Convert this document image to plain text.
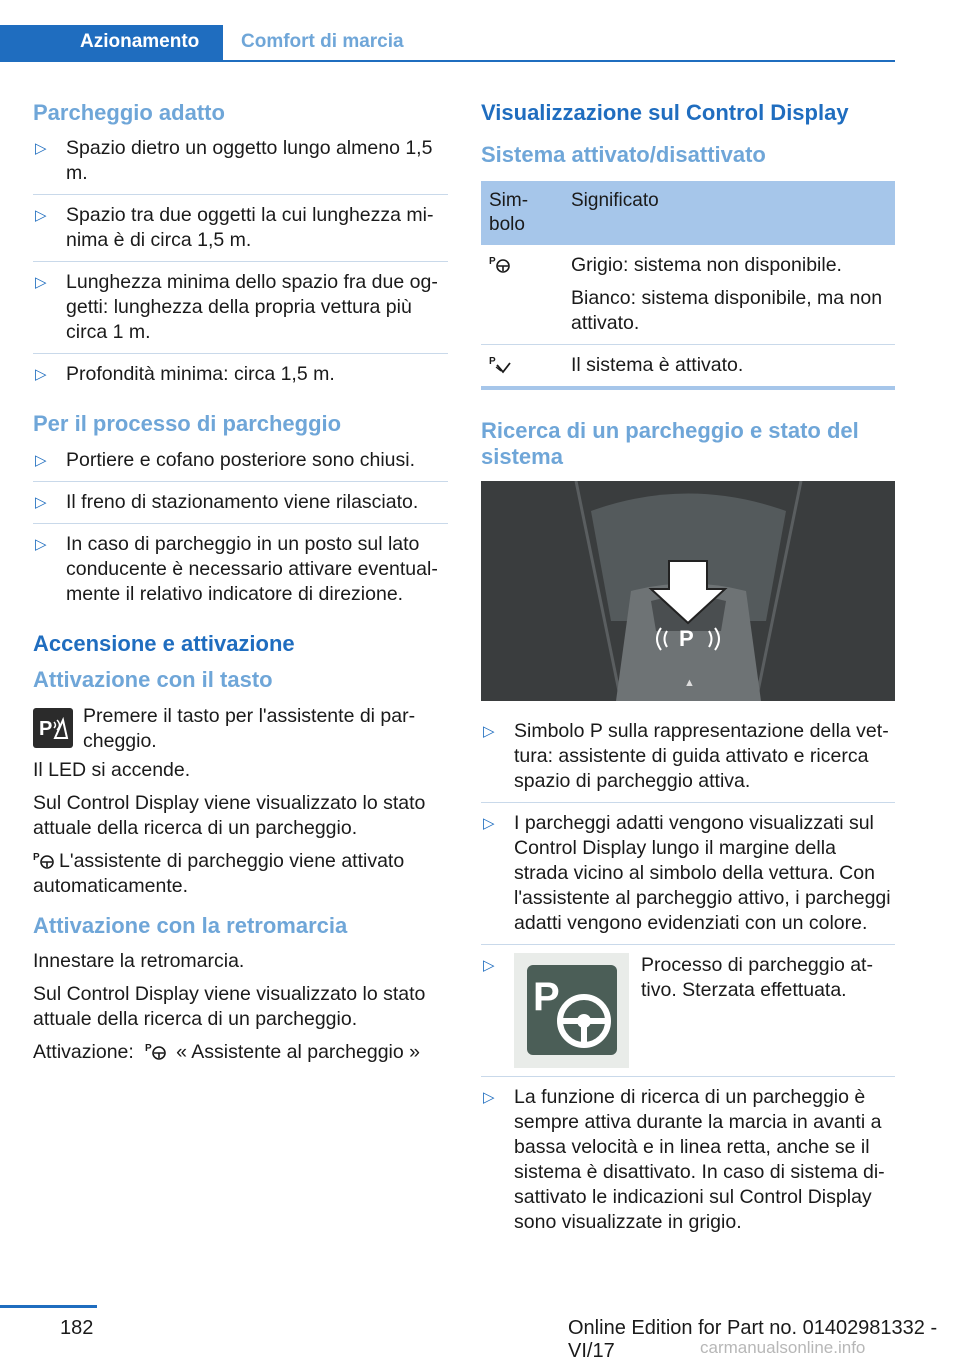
Azionamento	Comfort di marcia
Parcheggio adatto
▷ Spazio dietro un oggetto lungo almeno 1,5 m.
▷ Spazio tra due oggetti la cui lunghezza minima è di circa 1,5 m.
▷ Lunghezza minima dello spazio fra due oggetti: lunghezza della propria vettura più circa 1 m.
▷ Profondità minima: circa 1,5 m.
Per il processo di parcheggio
▷ Portiere e cofano posteriore sono chiusi.
▷ Il freno di stazionamento viene rilasciato.
▷ In caso di parcheggio in un posto sul lato conducente è necessario attivare eventualmente il relativo indicatore di direzione.
Accensione e attivazione
Attivazione con il tasto
P

Premere il tasto per l'assistente di parcheggio.

Il LED si accende.

Sul Control Display viene visualizzato lo stato attuale della ricerca di un parcheggio.

P L'assistente di parcheggio viene attivato automaticamente.

Attivazione con la retromarcia

Innestare la retromarcia.

Sul Control Display viene visualizzato lo stato attuale della ricerca di un parcheggio.

Attivazione: P « Assistente al parcheggio »

Visualizzazione sul Control Display
Sistema attivato/disattivato
Simbolo	Significato

P	Grigio: sistema non disponibile.

Bianco: sistema disponibile, ma non attivato.

P	Il sistema è attivato.
Ricerca di un parcheggio e stato del sistema
P
▲
▷ Simbolo P sulla rappresentazione della vettura: assistente di guida attivato e ricerca spazio di parcheggio attiva.
▷ I parcheggi adatti vengono visualizzati sul Control Display lungo il margine della strada vicino al simbolo della vettura. Con l'assistente al parcheggio attivo, i parcheggi adatti vengono evidenziati con un colore.
▷
P
Processo di parcheggio attivo. Sterzata effettuata.
▷ La funzione di ricerca di un parcheggio è sempre attiva durante la marcia in avanti a bassa velocità e in linea retta, anche se il sistema è disattivato. In caso di sistema disattivato le indicazioni sul Control Display sono visualizzate in grigio.
182	Online Edition for Part no. 01402981332 - VI/17	carmanualsonline.info
